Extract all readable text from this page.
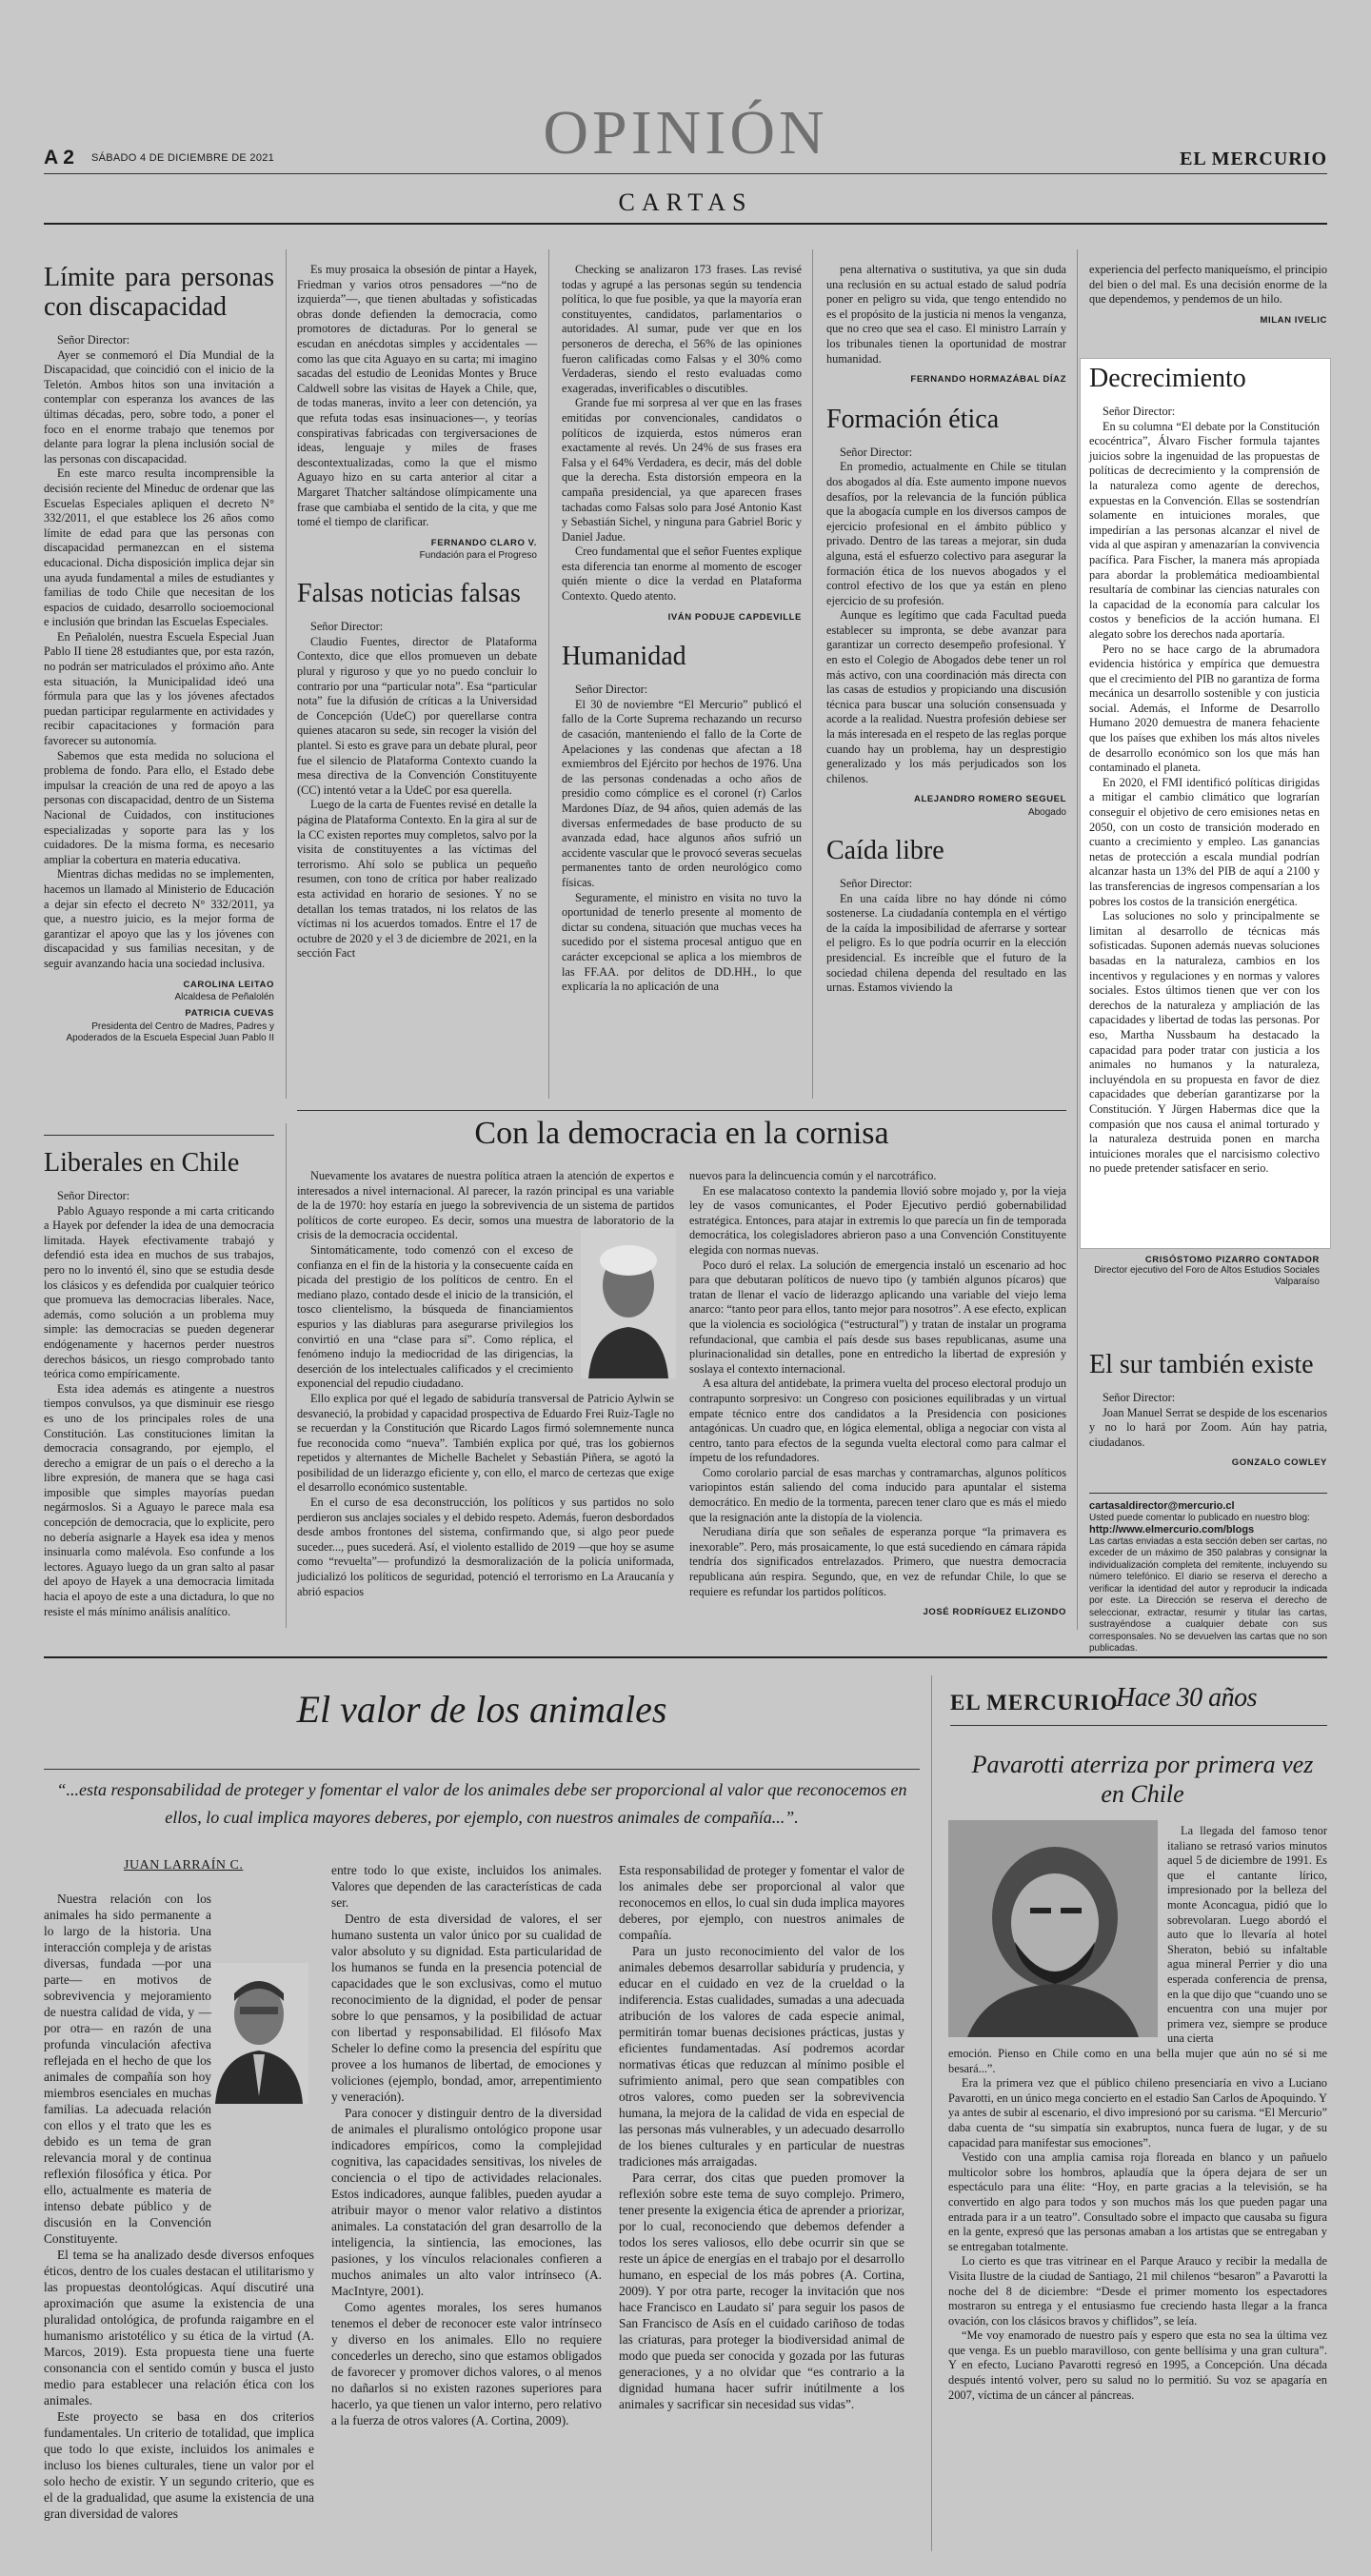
OPINIÓN
A 2 SÁBADO 4 DE DICIEMBRE DE 2021	EL MERCURIO
CARTAS
Límite para personas con discapacidad

Señor Director:

Ayer se conmemoró el Día Mundial de la Discapacidad, que coincidió con el inicio de la Teletón. Ambos hitos son una invitación a contemplar con esperanza los avances de las últimas décadas, pero, sobre todo, a poner el foco en el enorme trabajo que tenemos por delante para lograr la plena inclusión social de las personas con discapacidad.

En este marco resulta incomprensible la decisión reciente del Mineduc de ordenar que las Escuelas Especiales apliquen el decreto N° 332/2011, el que establece los 26 años como límite de edad para que las personas con discapacidad permanezcan en el sistema educacional. Dicha disposición implica dejar sin una ayuda fundamental a miles de estudiantes y familias de todo Chile que necesitan de los espacios de cuidado, desarrollo socioemocional e inclusión que brindan las Escuelas Especiales.

En Peñalolén, nuestra Escuela Especial Juan Pablo II tiene 28 estudiantes que, por esta razón, no podrán ser matriculados el próximo año. Ante esta situación, la Municipalidad ideó una fórmula para que las y los jóvenes afectados puedan participar regularmente en actividades y recibir capacitaciones y formación para favorecer su autonomía.

Sabemos que esta medida no soluciona el problema de fondo. Para ello, el Estado debe impulsar la creación de una red de apoyo a las personas con discapacidad, dentro de un Sistema Nacional de Cuidados, con instituciones especializadas y soporte para las y los cuidadores. De la misma forma, es necesario ampliar la cobertura en materia educativa.

Mientras dichas medidas no se implementen, hacemos un llamado al Ministerio de Educación a dejar sin efecto el decreto N° 332/2011, ya que, a nuestro juicio, es la mejor forma de garantizar el apoyo que las y los jóvenes con discapacidad y sus familias necesitan, y de seguir avanzando hacia una sociedad inclusiva.

CAROLINA LEITAO
Alcaldesa de Peñalolén
PATRICIA CUEVAS
Presidenta del Centro de Madres, Padres y Apoderados de la Escuela Especial Juan Pablo II

Es muy prosaica la obsesión de pintar a Hayek, Friedman y varios otros pensadores —“no de izquierda”—, que tienen abultadas y sofisticadas obras donde defienden la democracia, como promotores de dictaduras. Por lo general se escudan en anécdotas simples y accidentales —como las que cita Aguayo en su carta; mi imagino sacadas del estudio de Leonidas Montes y Bruce Caldwell sobre las visitas de Hayek a Chile, que, de todas maneras, invito a leer con detención, ya que refuta todas esas insinuaciones—, y teorías conspirativas fabricadas con tergiversaciones de ideas, lenguaje y miles de frases descontextualizadas, como la que el mismo Aguayo hizo en su carta anterior al citar a Margaret Thatcher saltándose olímpicamente una frase que cambiaba el sentido de la cita, y que me tomé el tiempo de clarificar.

FERNANDO CLARO V.
Fundación para el Progreso
Falsas noticias falsas

Señor Director:

Claudio Fuentes, director de Plataforma Contexto, dice que ellos promueven un debate plural y riguroso y que yo no puedo concluir lo contrario por una “particular nota”. Esa “particular nota” fue la difusión de críticas a la Universidad de Concepción (UdeC) por querellarse contra quienes atacaron su sede, sin recoger la visión del plantel. Si esto es grave para un debate plural, peor fue el silencio de Plataforma Contexto cuando la mesa directiva de la Convención Constituyente (CC) intentó vetar a la UdeC por esa querella.

Luego de la carta de Fuentes revisé en detalle la página de Plataforma Contexto. En la gira al sur de la CC existen reportes muy completos, salvo por la visita de constituyentes a las víctimas del terrorismo. Ahí solo se publica un pequeño resumen, con tono de crítica por haber realizado esta actividad en horario de sesiones. Y no se detallan los temas tratados, ni los relatos de las víctimas ni los acuerdos tomados. Entre el 17 de octubre de 2020 y el 3 de diciembre de 2021, en la sección Fact

Checking se analizaron 173 frases. Las revisé todas y agrupé a las personas según su tendencia política, lo que fue posible, ya que la mayoría eran constituyentes, candidatos, parlamentarios o autoridades. Al sumar, pude ver que en los personeros de derecha, el 56% de las opiniones fueron calificadas como Falsas y el 30% como Verdaderas, siendo el resto evaluadas como exageradas, inverificables o discutibles.

Grande fue mi sorpresa al ver que en las frases emitidas por convencionales, candidatos o políticos de izquierda, estos números eran exactamente al revés. Un 24% de sus frases era Falsa y el 64% Verdadera, es decir, más del doble que la derecha. Esta distorsión empeora en la campaña presidencial, ya que aparecen frases tachadas como Falsas solo para José Antonio Kast y Sebastián Sichel, y ninguna para Gabriel Boric y Daniel Jadue.

Creo fundamental que el señor Fuentes explique esta diferencia tan enorme al momento de escoger quién miente o dice la verdad en Plataforma Contexto. Quedo atento.

IVÁN PODUJE CAPDEVILLE
Humanidad

Señor Director:

El 30 de noviembre “El Mercurio” publicó el fallo de la Corte Suprema rechazando un recurso de casación, manteniendo el fallo de la Corte de Apelaciones y las condenas que afectan a 18 exmiembros del Ejército por hechos de 1976. Una de las personas condenadas a ocho años de presidio como cómplice es el coronel (r) Carlos Mardones Díaz, de 94 años, quien además de las diversas enfermedades de base producto de su avanzada edad, hace algunos años sufrió un accidente vascular que le provocó severas secuelas permanentes tanto de orden neurológico como físicas.

Seguramente, el ministro en visita no tuvo la oportunidad de tenerlo presente al momento de dictar su condena, situación que muchas veces ha sucedido por el sistema procesal antiguo que en carácter excepcional se aplica a los miembros de las FF.AA. por delitos de DD.HH., lo que explicaría la no aplicación de una

pena alternativa o sustitutiva, ya que sin duda una reclusión en su actual estado de salud podría poner en peligro su vida, que tengo entendido no es el propósito de la justicia ni menos la venganza, que no creo que sea el caso. El ministro Larraín y los tribunales tienen la oportunidad de mostrar humanidad.

FERNANDO HORMAZÁBAL DÍAZ
Formación ética

Señor Director:

En promedio, actualmente en Chile se titulan dos abogados al día. Este aumento impone nuevos desafíos, por la relevancia de la función pública que la abogacía cumple en los diversos campos de ejercicio profesional en el ámbito público y privado. Dentro de las tareas a mejorar, sin duda alguna, está el esfuerzo colectivo para asegurar la formación ética de los nuevos abogados y el control efectivo de los que ya están en pleno ejercicio de su profesión.

Aunque es legítimo que cada Facultad pueda establecer su impronta, se debe avanzar para garantizar un correcto desempeño profesional. Y en esto el Colegio de Abogados debe tener un rol más activo, con una coordinación más directa con las casas de estudios y propiciando una discusión técnica para buscar una solución consensuada y acorde a la realidad. Nuestra profesión debiese ser la más interesada en el respeto de las reglas porque cuando hay un problema, hay un desprestigio generalizado y los más perjudicados son los chilenos.

ALEJANDRO ROMERO SEGUEL
Abogado
Caída libre

Señor Director:

En una caída libre no hay dónde ni cómo sostenerse. La ciudadanía contempla en el vértigo de la caída la imposibilidad de aferrarse y sortear el peligro. Es lo que podría ocurrir en la elección presidencial. Es increíble que el futuro de la sociedad chilena dependa del resultado en las urnas. Estamos viviendo la

experiencia del perfecto maniqueísmo, el principio del bien o del mal. Es una decisión enorme de la que dependemos, y pendemos de un hilo.

MILAN IVELIC
Decrecimiento

Señor Director:

En su columna “El debate por la Constitución ecocéntrica”, Álvaro Fischer formula tajantes juicios sobre la ingenuidad de las propuestas de políticas de decrecimiento y la comprensión de la naturaleza como agente de derechos, expuestas en la Convención. Ellas se sostendrían solamente en intuiciones morales, que impedirían a las personas alcanzar el nivel de vida al que aspiran y amenazarían la convivencia pacífica. Para Fischer, la manera más apropiada para abordar la problemática medioambiental resultaría de combinar las ciencias naturales con la capacidad de la economía para calcular los costos y beneficios de la acción humana. El alegato sobre los derechos nada aportaría.

Pero no se hace cargo de la abrumadora evidencia histórica y empírica que demuestra que el crecimiento del PIB no garantiza de forma mecánica un desarrollo sostenible y con justicia social. Además, el Informe de Desarrollo Humano 2020 demuestra de manera fehaciente que los países que exhiben los más altos niveles de desarrollo económico son los que más han contaminado el planeta.

En 2020, el FMI identificó políticas dirigidas a mitigar el cambio climático que lograrían conseguir el objetivo de cero emisiones netas en 2050, con un costo de transición moderado en cuanto a crecimiento y empleo. Las ganancias netas de protección a escala mundial podrían alcanzar hasta un 13% del PIB de aquí a 2100 y las transferencias de ingresos compensarían a los pobres los costos de la transición energética.

Las soluciones no solo y principalmente se limitan al desarrollo de técnicas más sofisticadas. Suponen además nuevas soluciones basadas en la naturaleza, cambios en los incentivos y regulaciones y en normas y valores sociales. Estos últimos tienen que ver con los derechos de la naturaleza y ampliación de las capacidades y libertad de todas las personas. Por eso, Martha Nussbaum ha destacado la capacidad para poder tratar con justicia a los animales no humanos y la naturaleza, incluyéndola en su propuesta en favor de diez capacidades que deberían garantizarse por la Constitución. Y Jürgen Habermas dice que la compasión que nos causa el animal torturado y la naturaleza destruida ponen en marcha intuiciones morales que el narcisismo colectivo no puede pretender satisfacer en serio.

CRISÓSTOMO PIZARRO CONTADOR
Director ejecutivo del Foro de Altos Estudios Sociales Valparaíso
El sur también existe

Señor Director:

Joan Manuel Serrat se despide de los escenarios y no lo hará por Zoom. Aún hay patria, ciudadanos.

GONZALO COWLEY
cartasaldirector@mercurio.cl
Usted puede comentar lo publicado en nuestro blog:
http://www.elmercurio.com/blogs
Las cartas enviadas a esta sección deben ser cartas, no exceder de un máximo de 350 palabras y consignar la individualización completa del remitente, incluyendo su número telefónico. El diario se reserva el derecho a verificar la identidad del autor y reproducir la indicada por este. La Dirección se reserva el derecho de seleccionar, extractar, resumir y titular las cartas, sustrayéndose a cualquier debate con sus corresponsales. No se devuelven las cartas que no son publicadas.
Liberales en Chile

Señor Director:

Pablo Aguayo responde a mi carta criticando a Hayek por defender la idea de una democracia limitada. Hayek efectivamente trabajó y defendió esta idea en muchos de sus trabajos, pero no lo inventó él, sino que se estudia desde los clásicos y es defendida por cualquier teórico que promueva las democracias liberales. Nace, además, como solución a un problema muy simple: las democracias se pueden degenerar endógenamente y hacernos perder nuestros derechos básicos, un riesgo comprobado tanto teórica como empíricamente.

Esta idea además es atingente a nuestros tiempos convulsos, ya que disminuir ese riesgo es uno de los principales roles de una Constitución. Las constituciones limitan la democracia consagrando, por ejemplo, el derecho a emigrar de un país o el derecho a la libre expresión, de manera que se haga casi imposible que simples mayorías puedan negármoslos. Si a Aguayo le parece mala esa concepción de democracia, que lo explicite, pero no debería asignarle a Hayek esa idea y menos insinuarla como malévola. Eso confunde a los lectores. Aguayo luego da un gran salto al pasar del apoyo de Hayek a una democracia limitada hacia el apoyo de este a una dictadura, lo que no resiste el más mínimo análisis analítico.

Con la democracia en la cornisa

Nuevamente los avatares de nuestra política atraen la atención de expertos e interesados a nivel internacional. Al parecer, la razón principal es una variable de la de 1970: hoy estaría en juego la sobrevivencia de un sistema de partidos políticos de corte europeo. Es decir, somos una muestra de laboratorio de la crisis de la democracia occidental.

Sintomáticamente, todo comenzó con el exceso de confianza en el fin de la historia y la consecuente caída en picada del prestigio de los políticos de centro. En el mediano plazo, contado desde el inicio de la transición, el tosco clientelismo, la búsqueda de financiamientos espurios y las diabluras para asegurarse privilegios los convirtió en una “clase para sí”. Como réplica, el fenómeno indujo la mediocridad de las dirigencias, la deserción de los intelectuales calificados y el crecimiento exponencial del repudio ciudadano.

Ello explica por qué el legado de sabiduría transversal de Patricio Aylwin se desvaneció, la probidad y capacidad prospectiva de Eduardo Frei Ruiz-Tagle no se recuerdan y la Constitución que Ricardo Lagos firmó solemnemente nunca fue reconocida como “nueva”. También explica por qué, tras los gobiernos repetidos y alternantes de Michelle Bachelet y Sebastián Piñera, se agotó la posibilidad de un liderazgo eficiente y, con ello, el marco de certezas que exige el desarrollo económico sustentable.

En el curso de esa deconstrucción, los políticos y sus partidos no solo perdieron sus anclajes sociales y el debido respeto. Además, fueron desbordados desde ambos frontones del sistema, confirmando que, si algo peor puede suceder..., pues sucederá. Así, el violento estallido de 2019 —que hoy se asume como “revuelta”— profundizó la desmoralización de la policía uniformada, judicializó los políticos de seguridad, potenció el terrorismo en La Araucanía y abrió espacios

nuevos para la delincuencia común y el narcotráfico.

En ese malacatoso contexto la pandemia llovió sobre mojado y, por la vieja ley de vasos comunicantes, el Poder Ejecutivo perdió gobernabilidad estratégica. Entonces, para atajar in extremis lo que parecía un fin de temporada democrática, los colegisladores abrieron paso a una Convención Constituyente elegida con normas nuevas.

Poco duró el relax. La solución de emergencia instaló un escenario ad hoc para que debutaran políticos de nuevo tipo (y también algunos pícaros) que tratan de llenar el vacío de liderazgo aplicando una variable del viejo lema anarco: “tanto peor para ellos, tanto mejor para nosotros”. A ese efecto, explican que la violencia es sociológica (“estructural”) y tratan de instalar un programa refundacional, que cambia el país desde sus bases republicanas, asume una plurinacionalidad sin detalles, pone en entredicho la libertad de expresión y soslaya el contexto internacional.

A esa altura del antidebate, la primera vuelta del proceso electoral produjo un contrapunto sorpresivo: un Congreso con posiciones equilibradas y un virtual empate técnico entre dos candidatos a la Presidencia con posiciones antagónicas. Un cuadro que, en lógica elemental, obliga a negociar con vista al centro, tanto para efectos de la segunda vuelta electoral como para calmar el ímpetu de los refundadores.

Como corolario parcial de esas marchas y contramarchas, algunos políticos variopintos están saliendo del coma inducido para apuntalar el sistema democrático. En medio de la tormenta, parecen tener claro que es más el miedo que la resignación ante la distopía de la violencia.

Nerudiana diría que son señales de esperanza porque “la primavera es inexorable”. Pero, más prosaicamente, lo que está sucediendo en cámara rápida tendría dos significados entrelazados. Primero, que nuestra democracia republicana aún respira. Segundo, que, en vez de refundar Chile, lo que se requiere es refundar los partidos políticos.

JOSÉ RODRÍGUEZ ELIZONDO
El valor de los animales
“...esta responsabilidad de proteger y fomentar el valor de los animales debe ser proporcional al valor que reconocemos en ellos, lo cual implica mayores deberes, por ejemplo, con nuestros animales de compañía...”.
JUAN LARRAÍN C.

Nuestra relación con los animales ha sido permanente a lo largo de la historia. Una interacción compleja y de aristas diversas, fundada —por una parte— en motivos de sobrevivencia y mejoramiento de nuestra calidad de vida, y —por otra— en razón de una profunda vinculación afectiva reflejada en el hecho de que los animales de compañía son hoy miembros esenciales en muchas familias. La adecuada relación con ellos y el trato que les es debido es un tema de gran relevancia moral y de continua reflexión filosófica y ética. Por ello, actualmente es materia de intenso debate público y de discusión en la Convención Constituyente.

El tema se ha analizado desde diversos enfoques éticos, dentro de los cuales destacan el utilitarismo y las propuestas deontológicas. Aquí discutiré una aproximación que asume la existencia de una pluralidad ontológica, de profunda raigambre en el humanismo aristotélico y su ética de la virtud (A. Marcos, 2019). Esta propuesta tiene una fuerte consonancia con el sentido común y busca el justo medio para establecer una relación ética con los animales.

Este proyecto se basa en dos criterios fundamentales. Un criterio de totalidad, que implica que todo lo que existe, incluidos los animales e incluso los bienes culturales, tiene un valor por el solo hecho de existir. Y un segundo criterio, que es el de la gradualidad, que asume la existencia de una gran diversidad de valores

entre todo lo que existe, incluidos los animales. Valores que dependen de las características de cada ser.

Dentro de esta diversidad de valores, el ser humano sustenta un valor único por su cualidad de valor absoluto y su dignidad. Esta particularidad de los humanos se funda en la presencia potencial de capacidades que le son exclusivas, como el mutuo reconocimiento de la dignidad, el poder de pensar sobre lo que pensamos, y la posibilidad de actuar con libertad y responsabilidad. El filósofo Max Scheler lo define como la presencia del espíritu que provee a los humanos de libertad, de emociones y voliciones (ejemplo, bondad, amor, arrepentimiento y veneración).

Para conocer y distinguir dentro de la diversidad de animales el pluralismo ontológico propone usar indicadores empíricos, como la complejidad cognitiva, las capacidades sensitivas, los niveles de conciencia o el tipo de actividades relacionales. Estos indicadores, aunque falibles, pueden ayudar a atribuir mayor o menor valor relativo a distintos animales. La constatación del gran desarrollo de la inteligencia, la sintiencia, las emociones, las pasiones, y los vínculos relacionales confieren a muchos animales un alto valor intrínseco (A. MacIntyre, 2001).

Como agentes morales, los seres humanos tenemos el deber de reconocer este valor intrínseco y diverso en los animales. Ello no requiere concederles un derecho, sino que estamos obligados de favorecer y promover dichos valores, o al menos no dañarlos si no existen razones superiores para hacerlo, ya que tienen un valor interno, pero relativo a la fuerza de otros valores (A. Cortina, 2009).

Esta responsabilidad de proteger y fomentar el valor de los animales debe ser proporcional al valor que reconocemos en ellos, lo cual sin duda implica mayores deberes, por ejemplo, con nuestros animales de compañía.

Para un justo reconocimiento del valor de los animales debemos desarrollar sabiduría y prudencia, y educar en el cuidado en vez de la crueldad o la indiferencia. Estas cualidades, sumadas a una adecuada atribución de los valores de cada especie animal, permitirán tomar buenas decisiones prácticas, justas y eficientes fundamentadas. Así podremos acordar normativas éticas que reduzcan al mínimo posible el sufrimiento animal, pero que sean compatibles con otros valores, como pueden ser la sobrevivencia humana, la mejora de la calidad de vida en especial de las personas más vulnerables, y un adecuado desarrollo de los bienes culturales y en particular de nuestras tradiciones más arraigadas.

Para cerrar, dos citas que pueden promover la reflexión sobre este tema de suyo complejo. Primero, tener presente la exigencia ética de aprender a priorizar, por lo cual, reconociendo que debemos defender a todos los seres valiosos, ello debe ocurrir sin que se reste un ápice de energías en el trabajo por el desarrollo humano, en especial de los más pobres (A. Cortina, 2009). Y por otra parte, recoger la invitación que nos hace Francisco en Laudato si' para seguir los pasos de San Francisco de Asís en el cuidado cariñoso de todas las criaturas, para proteger la biodiversidad animal de modo que pueda ser conocida y gozada por las futuras generaciones, y a no olvidar que “es contrario a la dignidad humana hacer sufrir inútilmente a los animales y sacrificar sin necesidad sus vidas”.

EL MERCURIO
Hace 30 años
Pavarotti aterriza por primera vez en Chile

La llegada del famoso tenor italiano se retrasó varios minutos aquel 5 de diciembre de 1991. Es que el cantante lírico, impresionado por la belleza del monte Aconcagua, pidió que lo sobrevolaran. Luego abordó el auto que lo llevaría al hotel Sheraton, bebió su infaltable agua mineral Perrier y dio una esperada conferencia de prensa, en la que dijo que “cuando uno se encuentra con una mujer por primera vez, siempre se produce una cierta

emoción. Pienso en Chile como en una bella mujer que aún no sé si me besará...”.

Era la primera vez que el público chileno presenciaría en vivo a Luciano Pavarotti, en un único mega concierto en el estadio San Carlos de Apoquindo. Y ya antes de subir al escenario, el divo impresionó por su carisma. “El Mercurio” daba cuenta de “su simpatía sin exabruptos, nunca fuera de lugar, y de su capacidad para manifestar sus emociones”.

Vestido con una amplia camisa roja floreada en blanco y un pañuelo multicolor sobre los hombros, aplaudía que la ópera dejara de ser un espectáculo para una élite: “Hoy, en parte gracias a la televisión, se ha convertido en algo para todos y son muchos más los que pueden pagar una entrada para ir a un teatro”. Consultado sobre el impacto que causaba su figura en la gente, expresó que las personas amaban a los artistas que se entregaban y se entregaban totalmente.

Lo cierto es que tras vitrinear en el Parque Arauco y recibir la medalla de Visita Ilustre de la ciudad de Santiago, 21 mil chilenos “besaron” a Pavarotti la noche del 8 de diciembre: “Desde el primer momento los espectadores mostraron su entrega y el entusiasmo fue creciendo hasta llegar a la franca ovación, con los clásicos bravos y chiflidos”, se leía.

“Me voy enamorado de nuestro país y espero que esta no sea la última vez que venga. Es un pueblo maravilloso, con gente bellísima y una gran cultura”. Y en efecto, Luciano Pavarotti regresó en 1995, a Concepción. Una década después intentó volver, pero su salud no lo permitió. Su voz se apagaría en 2007, víctima de un cáncer al páncreas.
